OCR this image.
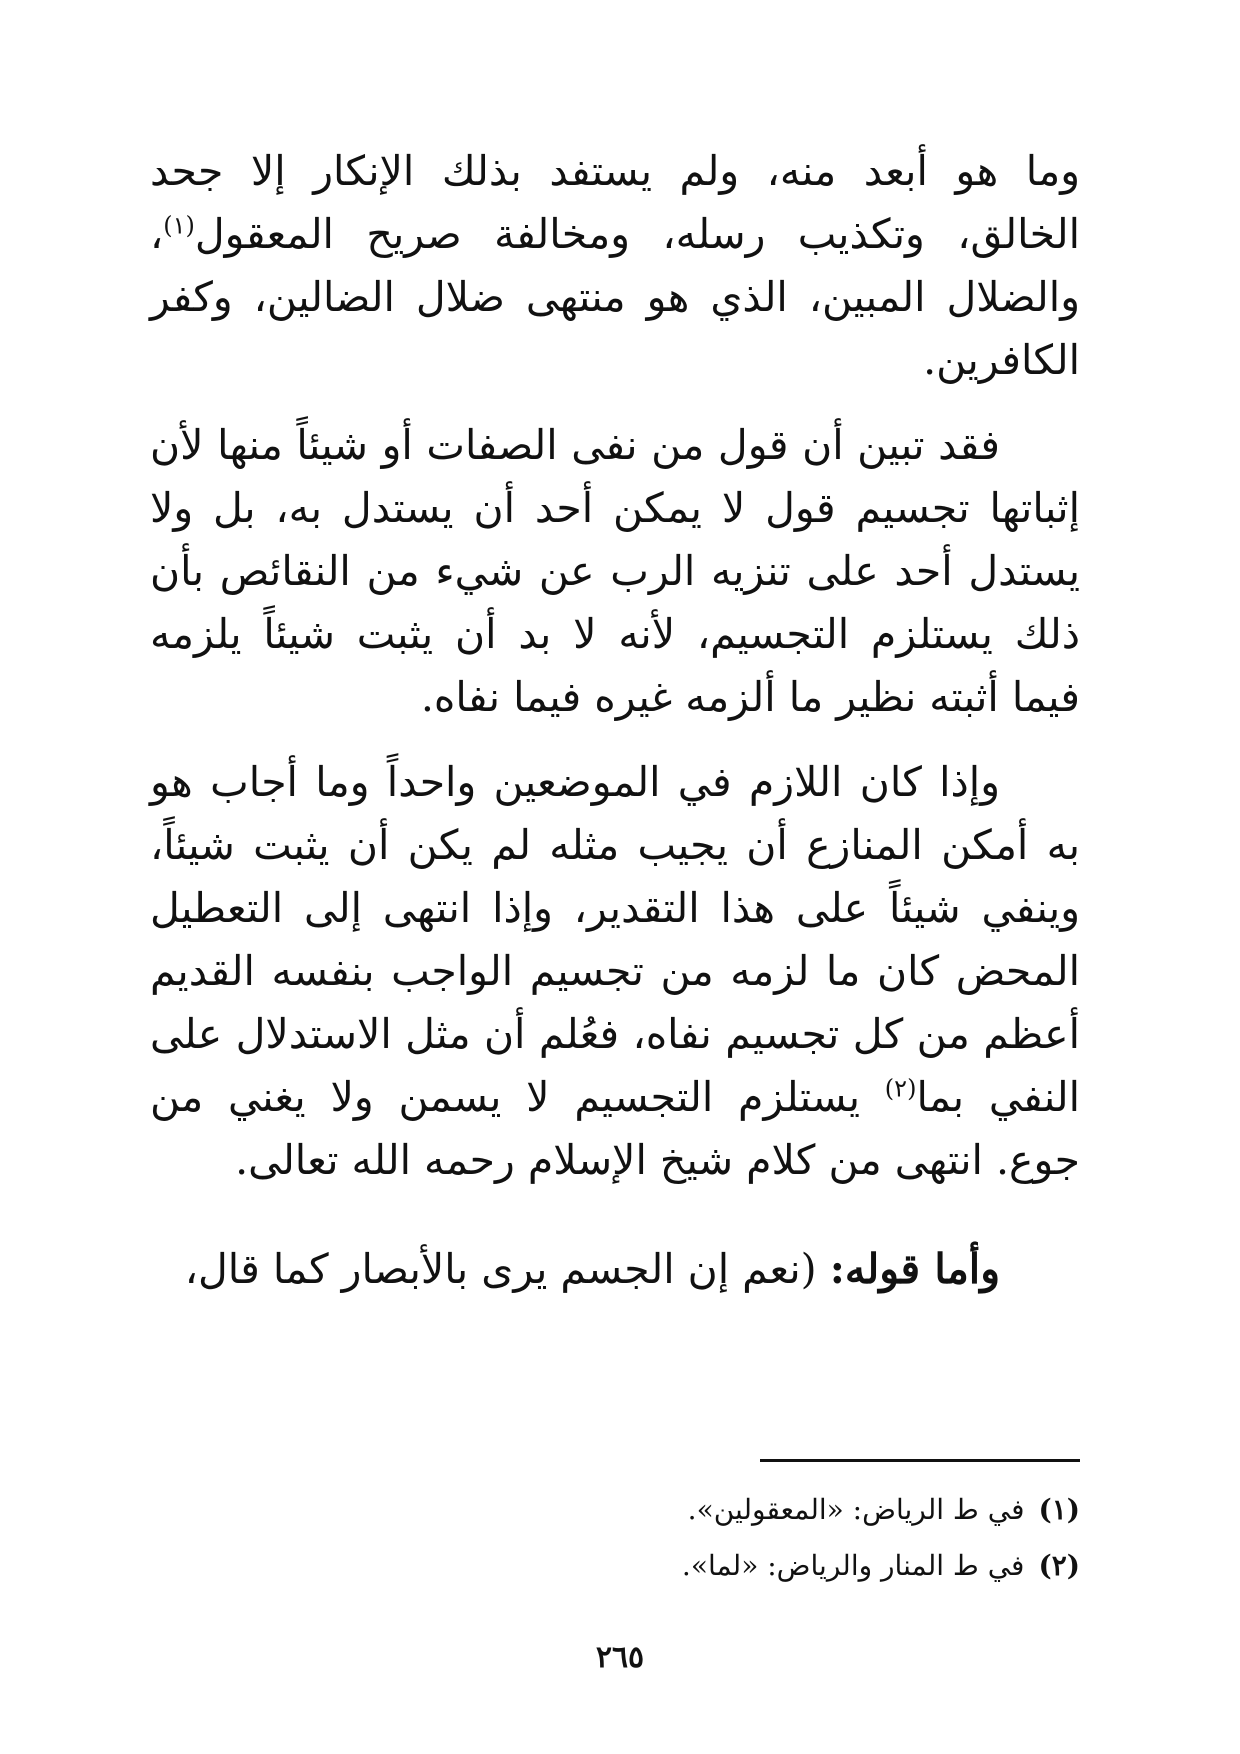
وما هو أبعد منه، ولم يستفد بذلك الإنكار إلا جحد الخالق، وتكذيب رسله، ومخالفة صريح المعقول$^{(١)}$، والضلال المبين، الذي هو منتهى ضلال الضالين، وكفر الكافرين.

فقد تبين أن قول من نفى الصفات أو شيئاً منها لأن إثباتها تجسيم قول لا يمكن أحد أن يستدل به، بل ولا يستدل أحد على تنزيه الرب عن شيء من النقائص بأن ذلك يستلزم التجسيم، لأنه لا بد أن يثبت شيئاً يلزمه فيما أثبته نظير ما ألزمه غيره فيما نفاه.

وإذا كان اللازم في الموضعين واحداً وما أجاب هو به أمكن المنازع أن يجيب مثله لم يكن أن يثبت شيئاً، وينفي شيئاً على هذا التقدير، وإذا انتهى إلى التعطيل المحض كان ما لزمه من تجسيم الواجب بنفسه القديم أعظم من كل تجسيم نفاه، فعُلم أن مثل الاستدلال على النفي بما$^{(٢)}$ يستلزم التجسيم لا يسمن ولا يغني من جوع. انتهى من كلام شيخ الإسلام رحمه الله تعالى.

وأما قوله: (نعم إن الجسم يرى بالأبصار كما قال،

(١)في ط الرياض: «المعقولين».

(٢)في ط المنار والرياض: «لما».

٢٦٥
